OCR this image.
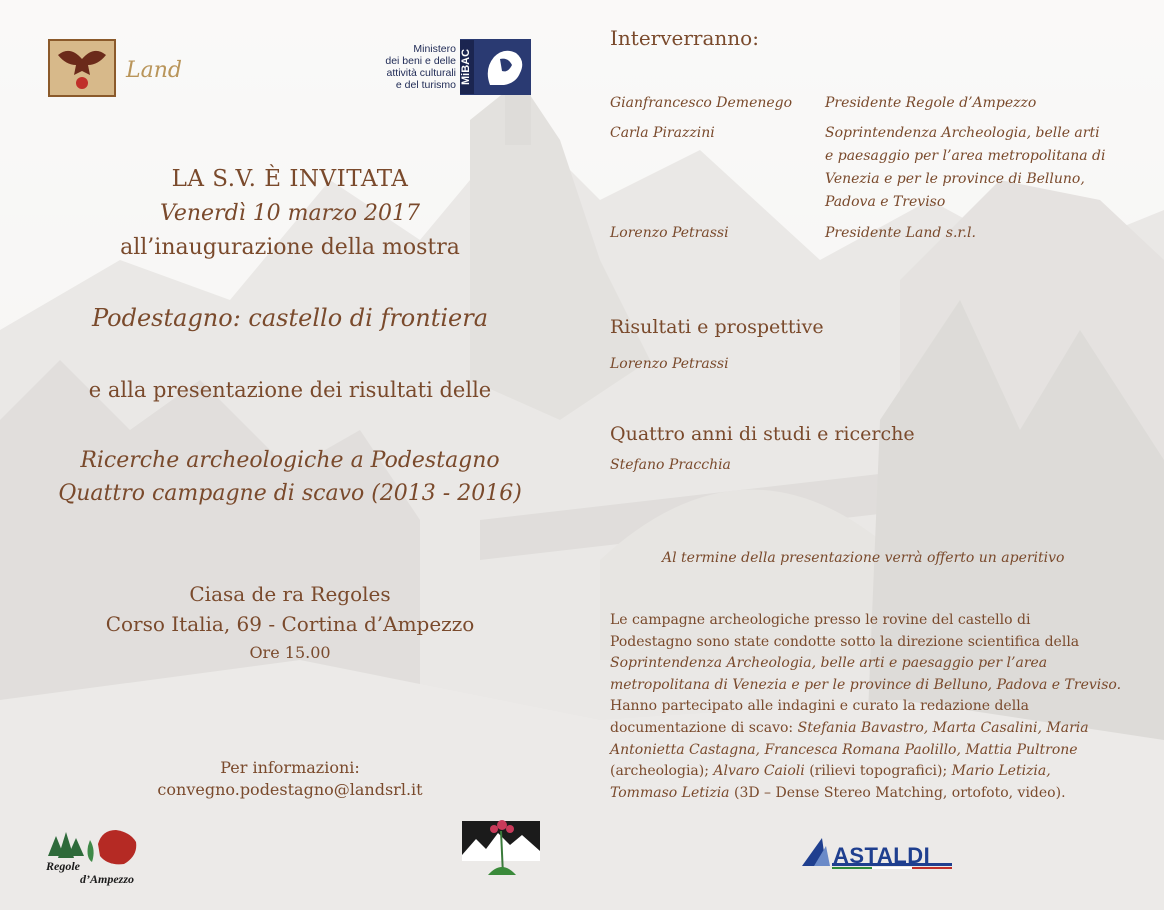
Land
Ministero
dei beni e delle
attività culturali
e del turismo MiBAC
LA S.V. È INVITATA
Venerdì 10 marzo 2017
all’inaugurazione della mostra
Podestagno: castello di frontiera
e alla presentazione dei risultati delle
Ricerche archeologiche a Podestagno
Quattro campagne di scavo (2013 - 2016)
Ciasa de ra Regoles
Corso Italia, 69 - Cortina d’Ampezzo
Ore 15.00
Per informazioni:
convegno.podestagno@landsrl.it
Interverranno:
Gianfrancesco Demenego Presidente Regole d’Ampezzo
Carla Pirazzini	Soprintendenza Archeologia, belle arti
e paesaggio per l’area metropolitana di
Venezia e per le province di Belluno,
Padova e Treviso
Lorenzo Petrassi	Presidente Land s.r.l.
Risultati e prospettive
Lorenzo Petrassi
Quattro anni di studi e ricerche
Stefano Pracchia
Al termine della presentazione verrà offerto un aperitivo
Le campagne archeologiche presso le rovine del castello di
Podestagno sono state condotte sotto la direzione scientifica della
Soprintendenza Archeologia, belle arti e paesaggio per l’area
metropolitana di Venezia e per le province di Belluno, Padova e Treviso.
Hanno partecipato alle indagini e curato la redazione della
documentazione di scavo: Stefania Bavastro, Marta Casalini, Maria
Antonietta Castagna, Francesca Romana Paolillo, Mattia Pultrone
(archeologia); Alvaro Caioli (rilievi topografici); Mario Letizia,
Tommaso Letizia (3D – Dense Stereo Matching, ortofoto, video).
Regole
d’Ampezzo
ASTALDI
